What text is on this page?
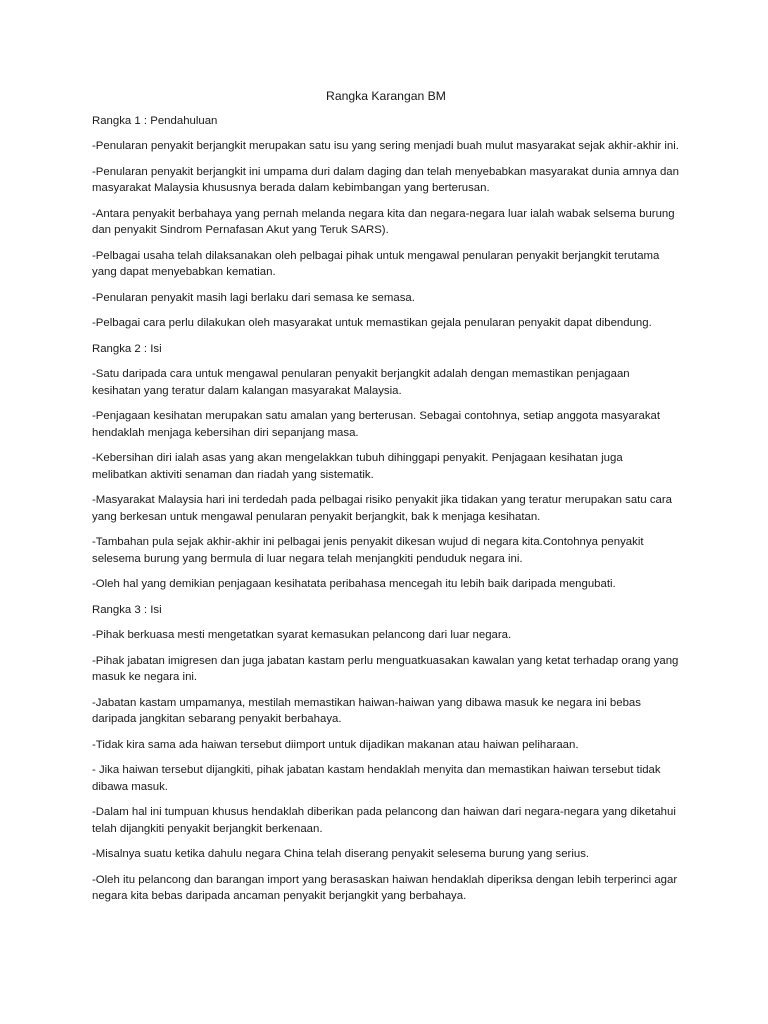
Rangka Karangan BM
Rangka 1 : Pendahuluan
-Penularan penyakit berjangkit merupakan satu isu yang sering menjadi buah mulut masyarakat sejak akhir-akhir ini.
-Penularan penyakit berjangkit ini umpama duri dalam daging dan telah menyebabkan masyarakat dunia amnya dan masyarakat Malaysia khususnya berada dalam kebimbangan yang berterusan.
-Antara penyakit berbahaya yang pernah melanda negara kita dan negara-negara luar ialah wabak selsema burung dan penyakit Sindrom Pernafasan Akut yang Teruk SARS).
-Pelbagai usaha telah dilaksanakan oleh pelbagai pihak untuk mengawal penularan penyakit berjangkit terutama yang dapat menyebabkan kematian.
-Penularan penyakit masih lagi berlaku dari semasa ke semasa.
-Pelbagai cara perlu dilakukan oleh masyarakat untuk memastikan gejala penularan penyakit dapat dibendung.
Rangka 2 : Isi
-Satu daripada cara untuk mengawal penularan penyakit berjangkit adalah dengan memastikan penjagaan kesihatan yang teratur dalam kalangan masyarakat Malaysia.
-Penjagaan kesihatan merupakan satu amalan yang berterusan. Sebagai contohnya, setiap anggota masyarakat hendaklah menjaga kebersihan diri sepanjang masa.
-Kebersihan diri ialah asas yang akan mengelakkan tubuh dihinggapi penyakit. Penjagaan kesihatan juga melibatkan aktiviti senaman dan riadah yang sistematik.
-Masyarakat Malaysia hari ini terdedah pada pelbagai risiko penyakit jika tidakan yang teratur merupakan satu cara yang berkesan untuk mengawal penularan penyakit berjangkit, bak k menjaga kesihatan.
-Tambahan pula sejak akhir-akhir ini pelbagai jenis penyakit dikesan wujud di negara kita.Contohnya penyakit selesema burung yang bermula di luar negara telah menjangkiti penduduk negara ini.
-Oleh hal yang demikian penjagaan kesihatata peribahasa mencegah itu lebih baik daripada mengubati.
Rangka 3 : Isi
-Pihak berkuasa mesti mengetatkan syarat kemasukan pelancong dari luar negara.
-Pihak jabatan imigresen dan juga jabatan kastam perlu menguatkuasakan kawalan yang ketat terhadap orang yang masuk ke negara ini.
-Jabatan kastam umpamanya, mestilah memastikan haiwan-haiwan yang dibawa masuk ke negara ini bebas daripada jangkitan sebarang penyakit berbahaya.
-Tidak kira sama ada haiwan tersebut diimport untuk dijadikan makanan atau haiwan peliharaan.
- Jika haiwan tersebut dijangkiti, pihak jabatan kastam hendaklah menyita dan memastikan haiwan tersebut tidak dibawa masuk.
-Dalam hal ini tumpuan khusus hendaklah diberikan pada pelancong dan haiwan dari negara-negara yang diketahui telah dijangkiti penyakit berjangkit berkenaan.
-Misalnya suatu ketika dahulu negara China telah diserang penyakit selesema burung yang serius.
-Oleh itu pelancong dan barangan import yang berasaskan haiwan hendaklah diperiksa dengan lebih terperinci agar negara kita bebas daripada ancaman penyakit berjangkit yang berbahaya.
